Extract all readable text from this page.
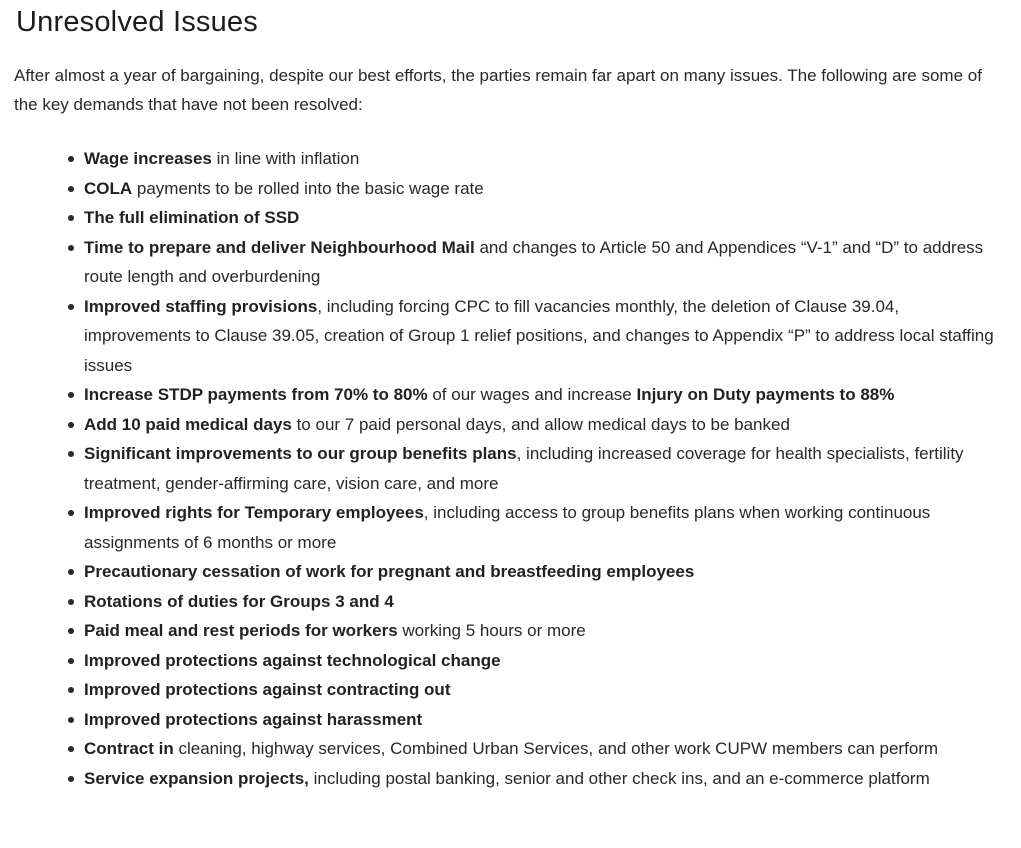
Unresolved Issues

After almost a year of bargaining, despite our best efforts, the parties remain far apart on many issues. The following are some of the key demands that have not been resolved:

Wage increases in line with inflation
COLA payments to be rolled into the basic wage rate
The full elimination of SSD
Time to prepare and deliver Neighbourhood Mail and changes to Article 50 and Appendices “V-1” and “D” to address route length and overburdening
Improved staffing provisions, including forcing CPC to fill vacancies monthly, the deletion of Clause 39.04, improvements to Clause 39.05, creation of Group 1 relief positions, and changes to Appendix “P” to address local staffing issues
Increase STDP payments from 70% to 80% of our wages and increase Injury on Duty payments to 88%
Add 10 paid medical days to our 7 paid personal days, and allow medical days to be banked
Significant improvements to our group benefits plans, including increased coverage for health specialists, fertility treatment, gender-affirming care, vision care, and more
Improved rights for Temporary employees, including access to group benefits plans when working continuous assignments of 6 months or more
Precautionary cessation of work for pregnant and breastfeeding employees
Rotations of duties for Groups 3 and 4
Paid meal and rest periods for workers working 5 hours or more
Improved protections against technological change
Improved protections against contracting out
Improved protections against harassment
Contract in cleaning, highway services, Combined Urban Services, and other work CUPW members can perform
Service expansion projects, including postal banking, senior and other check ins, and an e-commerce platform
